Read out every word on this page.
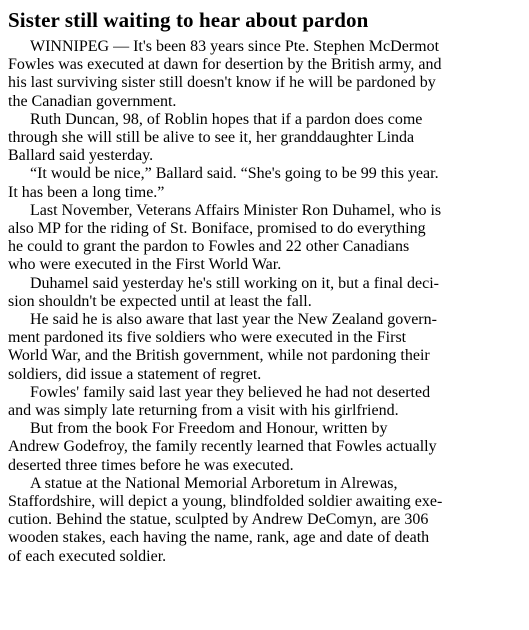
Sister still waiting to hear about pardon

WINNIPEG — It's been 83 years since Pte. Stephen McDermot
Fowles was executed at dawn for desertion by the British army, and
his last surviving sister still doesn't know if he will be pardoned by
the Canadian government.

Ruth Duncan, 98, of Roblin hopes that if a pardon does come
through she will still be alive to see it, her granddaughter Linda
Ballard said yesterday.

“It would be nice,” Ballard said. “She's going to be 99 this year.
It has been a long time.”

Last November, Veterans Affairs Minister Ron Duhamel, who is
also MP for the riding of St. Boniface, promised to do everything
he could to grant the pardon to Fowles and 22 other Canadians
who were executed in the First World War.

Duhamel said yesterday he's still working on it, but a final deci-
sion shouldn't be expected until at least the fall.

He said he is also aware that last year the New Zealand govern-
ment pardoned its five soldiers who were executed in the First
World War, and the British government, while not pardoning their
soldiers, did issue a statement of regret.

Fowles' family said last year they believed he had not deserted
and was simply late returning from a visit with his girlfriend.

But from the book For Freedom and Honour, written by
Andrew Godefroy, the family recently learned that Fowles actually
deserted three times before he was executed.

A statue at the National Memorial Arboretum in Alrewas,
Staffordshire, will depict a young, blindfolded soldier awaiting exe-
cution. Behind the statue, sculpted by Andrew DeComyn, are 306
wooden stakes, each having the name, rank, age and date of death
of each executed soldier.
